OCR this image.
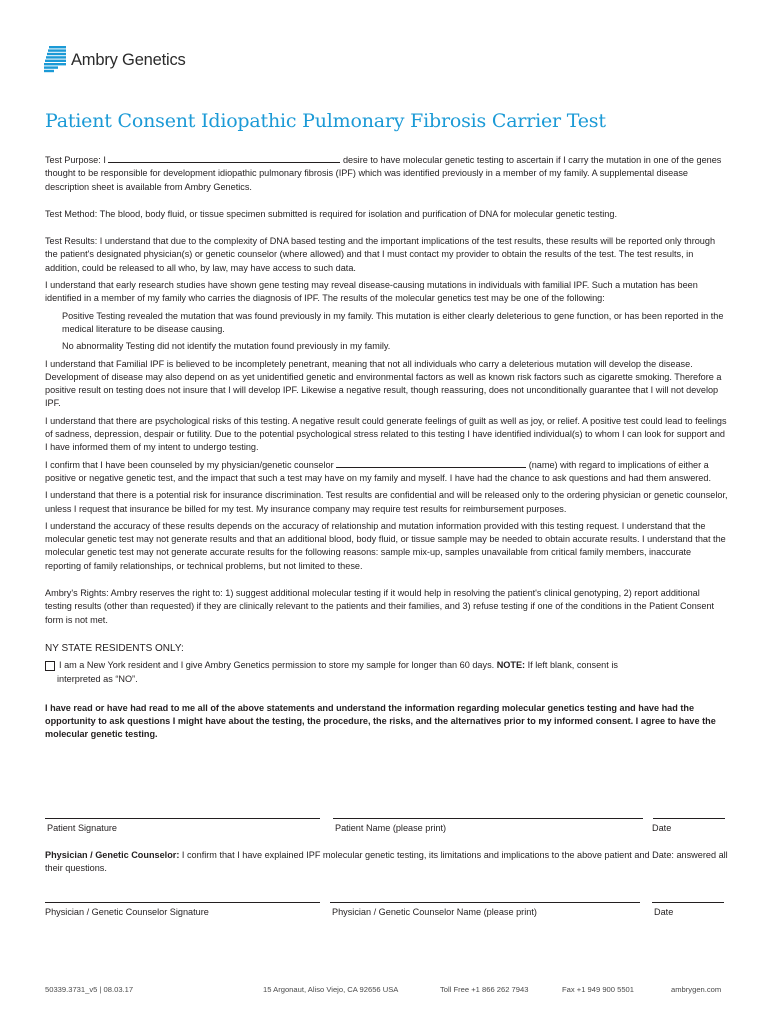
Ambry Genetics
Patient Consent Idiopathic Pulmonary Fibrosis Carrier Test

Test Purpose: I	desire to have molecular genetic testing to ascertain if I carry the mutation in one of the genes thought to be responsible for development idiopathic pulmonary fibrosis (IPF) which was identified previously in a member of my family. A supplemental disease description sheet is available from Ambry Genetics.

Test Method: The blood, body fluid, or tissue specimen submitted is required for isolation and purification of DNA for molecular genetic testing.

Test Results: I understand that due to the complexity of DNA based testing and the important implications of the test results, these results will be reported only through the patient's designated physician(s) or genetic counselor (where allowed) and that I must contact my provider to obtain the results of the test. The test results, in addition, could be released to all who, by law, may have access to such data.

I understand that early research studies have shown gene testing may reveal disease-causing mutations in individuals with familial IPF. Such a mutation has been identified in a member of my family who carries the diagnosis of IPF. The results of the molecular genetics test may be one of the following:

Positive Testing revealed the mutation that was found previously in my family. This mutation is either clearly deleterious to gene function, or has been reported in the medical literature to be disease causing.

No abnormality Testing did not identify the mutation found previously in my family.

I understand that Familial IPF is believed to be incompletely penetrant, meaning that not all individuals who carry a deleterious mutation will develop the disease. Development of disease may also depend on as yet unidentified genetic and environmental factors as well as known risk factors such as cigarette smoking. Therefore a positive result on testing does not insure that I will develop IPF. Likewise a negative result, though reassuring, does not unconditionally guarantee that I will not develop IPF.

I understand that there are psychological risks of this testing. A negative result could generate feelings of guilt as well as joy, or relief. A positive test could lead to feelings of sadness, depression, despair or futility. Due to the potential psychological stress related to this testing I have identified individual(s) to whom I can look for support and I have informed them of my intent to undergo testing.

I confirm that I have been counseled by my physician/genetic counselor	(name) with regard to implications of either a positive or negative genetic test, and the impact that such a test may have on my family and myself. I have had the chance to ask questions and had them answered.

I understand that there is a potential risk for insurance discrimination. Test results are confidential and will be released only to the ordering physician or genetic counselor, unless I request that insurance be billed for my test. My insurance company may require test results for reimbursement purposes.

I understand the accuracy of these results depends on the accuracy of relationship and mutation information provided with this testing request. I understand that the molecular genetic test may not generate results and that an additional blood, body fluid, or tissue sample may be needed to obtain accurate results. I understand that the molecular genetic test may not generate accurate results for the following reasons: sample mix-up, samples unavailable from critical family members, inaccurate reporting of family relationships, or technical problems, but not limited to these.

Ambry's Rights: Ambry reserves the right to: 1) suggest additional molecular testing if it would help in resolving the patient's clinical genotyping, 2) report additional testing results (other than requested) if they are clinically relevant to the patients and their families, and 3) refuse testing if one of the conditions in the Patient Consent form is not met.

NY STATE RESIDENTS ONLY:

I am a New York resident and I give Ambry Genetics permission to store my sample for longer than 60 days. NOTE: If left blank, consent is

interpreted as “NO”.

I have read or have had read to me all of the above statements and understand the information regarding molecular genetics testing and have had the opportunity to ask questions I might have about the testing, the procedure, the risks, and the alternatives prior to my informed consent. I agree to have the molecular genetic testing.

Patient Signature	Patient Name (please print)	Date

Physician / Genetic Counselor: I confirm that I have explained IPF molecular genetic testing, its limitations and implications to the above patient and Date: answered all their questions.

Physician / Genetic Counselor Signature	Physician / Genetic Counselor Name (please print)	Date
50339.3731_v5 | 08.03.17	15 Argonaut, Aliso Viejo, CA 92656 USA	Toll Free +1 866 262 7943	Fax +1 949 900 5501	ambrygen.com
